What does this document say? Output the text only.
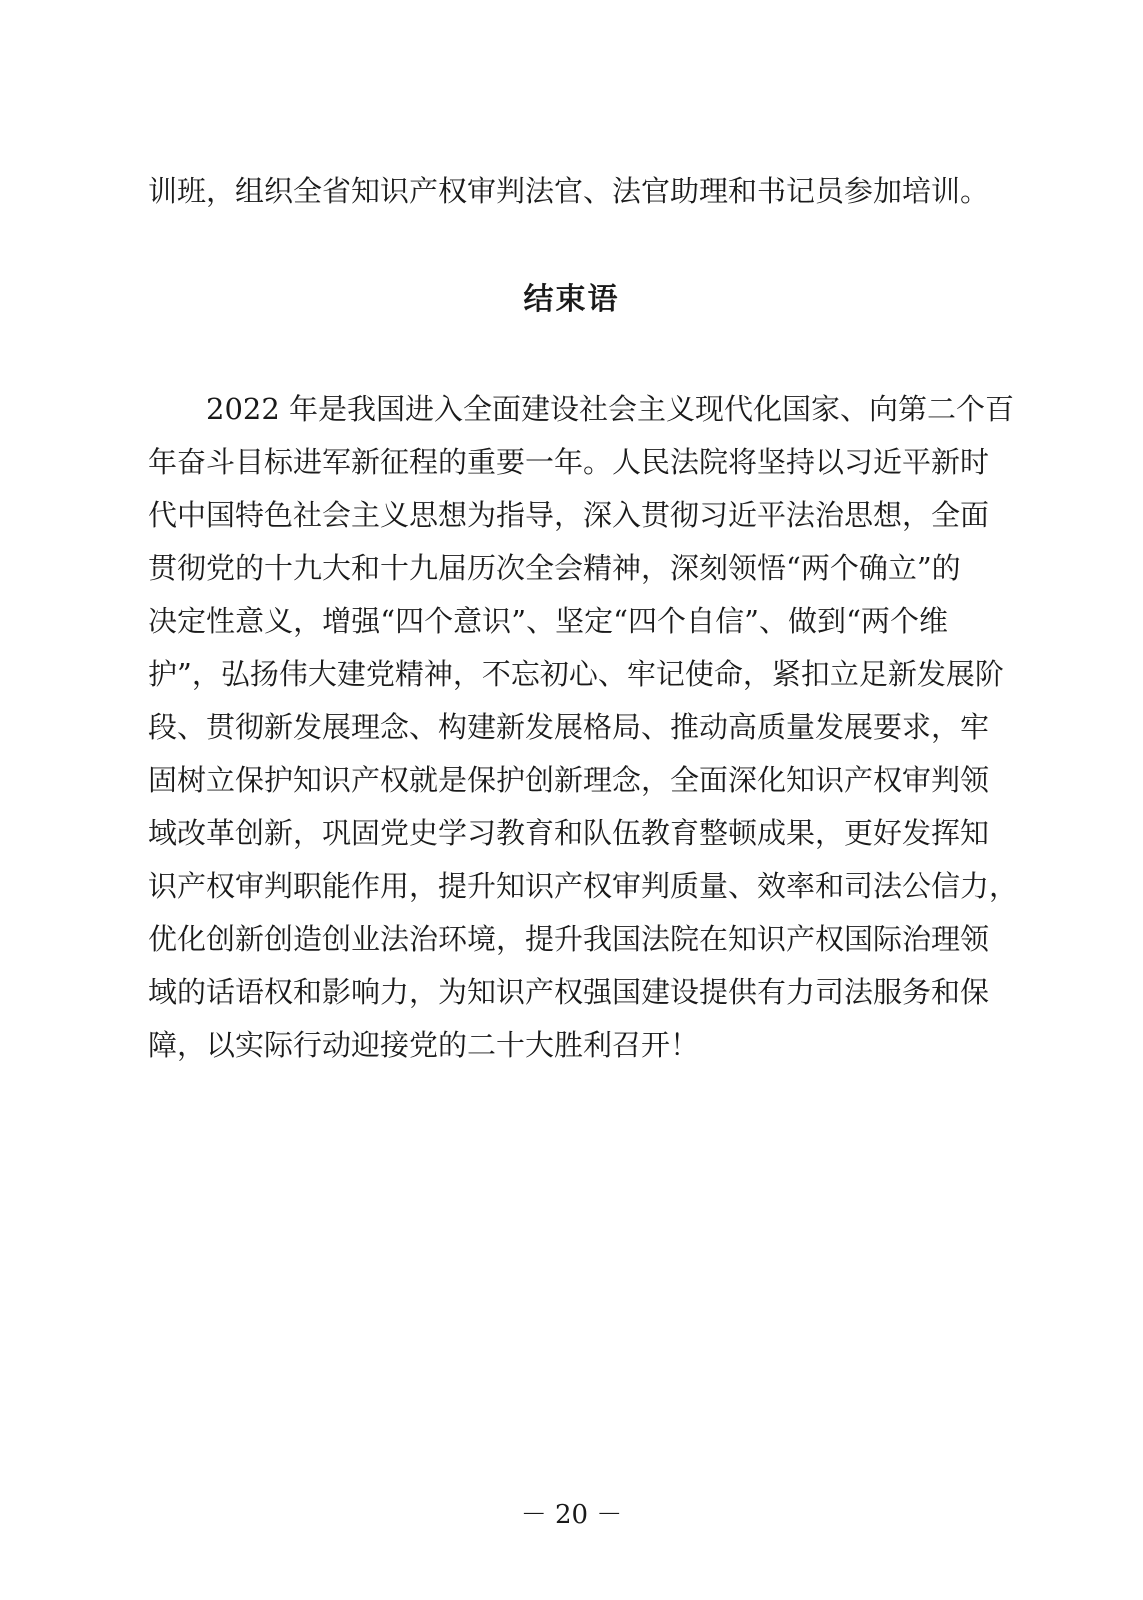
训班，组织全省知识产权审判法官、法官助理和书记员参加培训。
结束语
　　2022 年是我国进入全面建设社会主义现代化国家、向第二个百
年奋斗目标进军新征程的重要一年。人民法院将坚持以习近平新时
代中国特色社会主义思想为指导，深入贯彻习近平法治思想，全面
贯彻党的十九大和十九届历次全会精神，深刻领悟“两个确立”的
决定性意义，增强“四个意识”、坚定“四个自信”、做到“两个维
护”，弘扬伟大建党精神，不忘初心、牢记使命，紧扣立足新发展阶
段、贯彻新发展理念、构建新发展格局、推动高质量发展要求，牢
固树立保护知识产权就是保护创新理念，全面深化知识产权审判领
域改革创新，巩固党史学习教育和队伍教育整顿成果，更好发挥知
识产权审判职能作用，提升知识产权审判质量、效率和司法公信力，
优化创新创造创业法治环境，提升我国法院在知识产权国际治理领
域的话语权和影响力，为知识产权强国建设提供有力司法服务和保
障，以实际行动迎接党的二十大胜利召开！
－ 20 －
